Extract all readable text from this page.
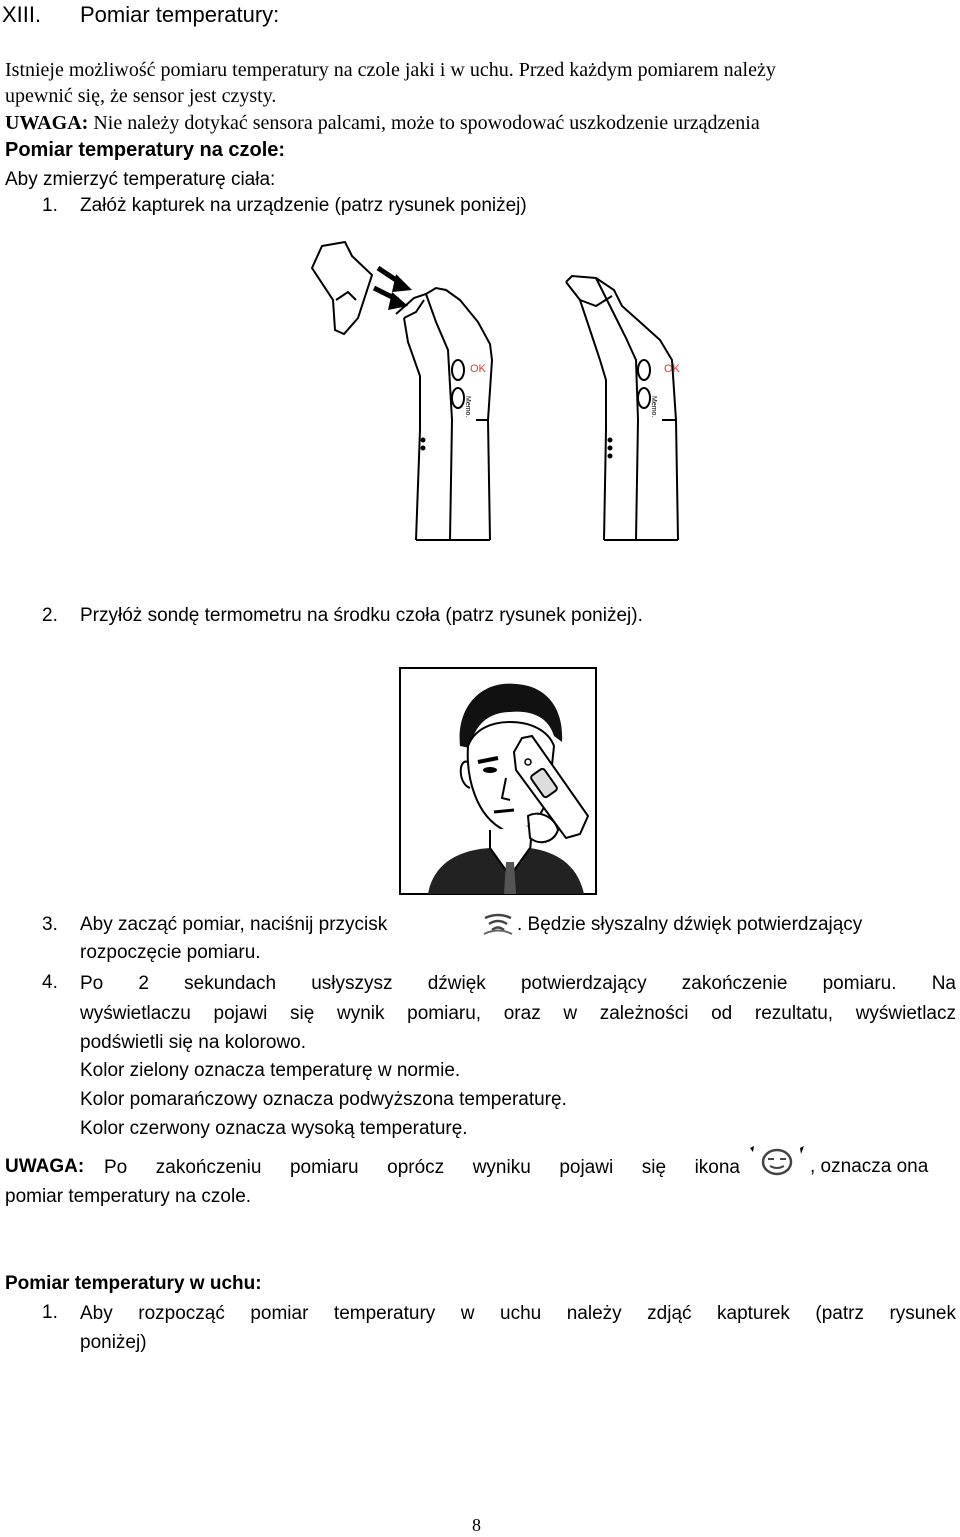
XIII. Pomiar temperatury:
Istnieje możliwość pomiaru temperatury na czole jaki i w uchu. Przed każdym pomiarem należy
upewnić się, że sensor jest czysty.
UWAGA: Nie należy dotykać sensora palcami, może to spowodować uszkodzenie urządzenia
Pomiar temperatury na czole:
Aby zmierzyć temperaturę ciała:
1. Załóż kapturek na urządzenie (patrz rysunek poniżej)
OK
Memo.
OK
Memo.
2. Przyłóż sondę termometru na środku czoła (patrz rysunek poniżej).
3. Aby zacząć pomiar, naciśnij przycisk	. Będzie słyszalny dźwięk potwierdzający
rozpoczęcie pomiaru.
4. Po 2 sekundach usłyszysz dźwięk potwierdzający zakończenie pomiaru. Na
wyświetlaczu pojawi się wynik pomiaru, oraz w zależności od rezultatu, wyświetlacz
podświetli się na kolorowo.
Kolor zielony oznacza temperaturę w normie.
Kolor pomarańczowy oznacza podwyższona temperaturę.
Kolor czerwony oznacza wysoką temperaturę.
UWAGA: Po zakończeniu pomiaru oprócz wyniku pojawi się ikona	, oznacza ona
pomiar temperatury na czole.
Pomiar temperatury w uchu:
1. Aby rozpocząć pomiar temperatury w uchu należy zdjąć kapturek (patrz rysunek
poniżej)
8
